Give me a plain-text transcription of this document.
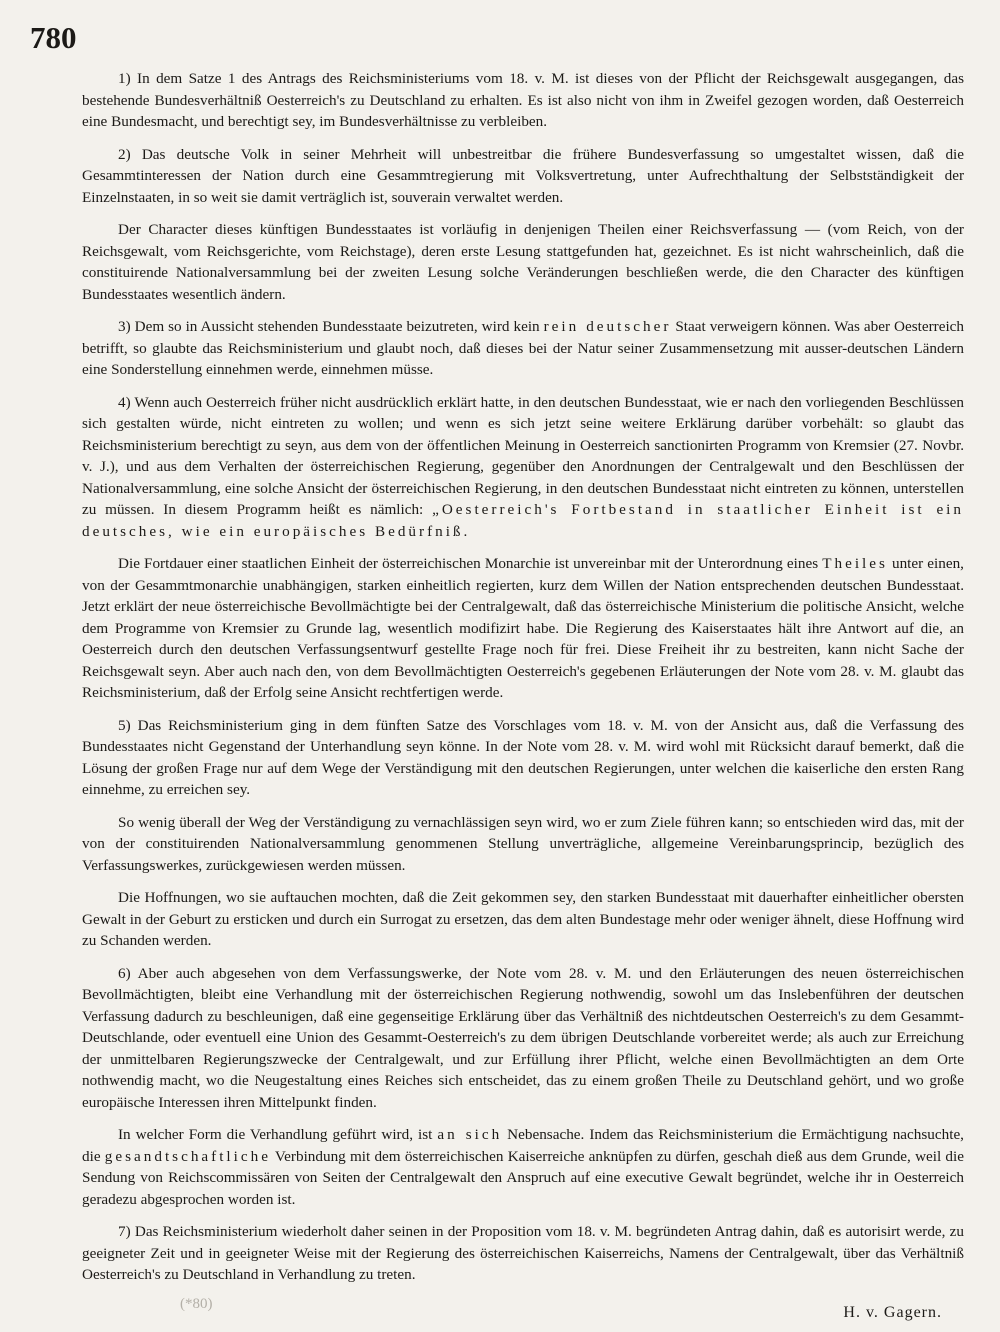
780

1) In dem Satze 1 des Antrags des Reichsministeriums vom 18. v. M. ist dieses von der Pflicht der Reichsgewalt ausgegangen, das bestehende Bundesverhältniß Oesterreich's zu Deutschland zu erhalten. Es ist also nicht von ihm in Zweifel gezogen worden, daß Oesterreich eine Bundesmacht, und berechtigt sey, im Bundesverhältnisse zu verbleiben.

2) Das deutsche Volk in seiner Mehrheit will unbestreitbar die frühere Bundesverfassung so umgestaltet wissen, daß die Gesammtinteressen der Nation durch eine Gesammtregierung mit Volksvertretung, unter Aufrechthaltung der Selbstständigkeit der Einzelnstaaten, in so weit sie damit verträglich ist, souverain verwaltet werden.

Der Character dieses künftigen Bundesstaates ist vorläufig in denjenigen Theilen einer Reichsverfassung — (vom Reich, von der Reichsgewalt, vom Reichsgerichte, vom Reichstage), deren erste Lesung stattgefunden hat, gezeichnet. Es ist nicht wahrscheinlich, daß die constituirende Nationalversammlung bei der zweiten Lesung solche Veränderungen beschließen werde, die den Character des künftigen Bundesstaates wesentlich ändern.

3) Dem so in Aussicht stehenden Bundesstaate beizutreten, wird kein rein deutscher Staat verweigern können. Was aber Oesterreich betrifft, so glaubte das Reichsministerium und glaubt noch, daß dieses bei der Natur seiner Zusammensetzung mit ausser-deutschen Ländern eine Sonderstellung einnehmen werde, einnehmen müsse.

4) Wenn auch Oesterreich früher nicht ausdrücklich erklärt hatte, in den deutschen Bundesstaat, wie er nach den vorliegenden Beschlüssen sich gestalten würde, nicht eintreten zu wollen; und wenn es sich jetzt seine weitere Erklärung darüber vorbehält: so glaubt das Reichsministerium berechtigt zu seyn, aus dem von der öffentlichen Meinung in Oesterreich sanctionirten Programm von Kremsier (27. Novbr. v. J.), und aus dem Verhalten der österreichischen Regierung, gegenüber den Anordnungen der Centralgewalt und den Beschlüssen der Nationalversammlung, eine solche Ansicht der österreichischen Regierung, in den deutschen Bundesstaat nicht eintreten zu können, unterstellen zu müssen. In diesem Programm heißt es nämlich: „Oesterreich's Fortbestand in staatlicher Einheit ist ein deutsches, wie ein europäisches Bedürfniß.

Die Fortdauer einer staatlichen Einheit der österreichischen Monarchie ist unvereinbar mit der Unterordnung eines Theiles unter einen, von der Gesammtmonarchie unabhängigen, starken einheitlich regierten, kurz dem Willen der Nation entsprechenden deutschen Bundesstaat. Jetzt erklärt der neue österreichische Bevollmächtigte bei der Centralgewalt, daß das österreichische Ministerium die politische Ansicht, welche dem Programme von Kremsier zu Grunde lag, wesentlich modifizirt habe. Die Regierung des Kaiserstaates hält ihre Antwort auf die, an Oesterreich durch den deutschen Verfassungsentwurf gestellte Frage noch für frei. Diese Freiheit ihr zu bestreiten, kann nicht Sache der Reichsgewalt seyn. Aber auch nach den, von dem Bevollmächtigten Oesterreich's gegebenen Erläuterungen der Note vom 28. v. M. glaubt das Reichsministerium, daß der Erfolg seine Ansicht rechtfertigen werde.

5) Das Reichsministerium ging in dem fünften Satze des Vorschlages vom 18. v. M. von der Ansicht aus, daß die Verfassung des Bundesstaates nicht Gegenstand der Unterhandlung seyn könne. In der Note vom 28. v. M. wird wohl mit Rücksicht darauf bemerkt, daß die Lösung der großen Frage nur auf dem Wege der Verständigung mit den deutschen Regierungen, unter welchen die kaiserliche den ersten Rang einnehme, zu erreichen sey.

So wenig überall der Weg der Verständigung zu vernachlässigen seyn wird, wo er zum Ziele führen kann; so entschieden wird das, mit der von der constituirenden Nationalversammlung genommenen Stellung unverträgliche, allgemeine Vereinbarungsprincip, bezüglich des Verfassungswerkes, zurückgewiesen werden müssen.

Die Hoffnungen, wo sie auftauchen mochten, daß die Zeit gekommen sey, den starken Bundesstaat mit dauerhafter einheitlicher obersten Gewalt in der Geburt zu ersticken und durch ein Surrogat zu ersetzen, das dem alten Bundestage mehr oder weniger ähnelt, diese Hoffnung wird zu Schanden werden.

6) Aber auch abgesehen von dem Verfassungswerke, der Note vom 28. v. M. und den Erläuterungen des neuen österreichischen Bevollmächtigten, bleibt eine Verhandlung mit der österreichischen Regierung nothwendig, sowohl um das Inslebenführen der deutschen Verfassung dadurch zu beschleunigen, daß eine gegenseitige Erklärung über das Verhältniß des nichtdeutschen Oesterreich's zu dem Gesammt-Deutschlande, oder eventuell eine Union des Gesammt-Oesterreich's zu dem übrigen Deutschlande vorbereitet werde; als auch zur Erreichung der unmittelbaren Regierungszwecke der Centralgewalt, und zur Erfüllung ihrer Pflicht, welche einen Bevollmächtigten an dem Orte nothwendig macht, wo die Neugestaltung eines Reiches sich entscheidet, das zu einem großen Theile zu Deutschland gehört, und wo große europäische Interessen ihren Mittelpunkt finden.

In welcher Form die Verhandlung geführt wird, ist an sich Nebensache. Indem das Reichsministerium die Ermächtigung nachsuchte, die gesandtschaftliche Verbindung mit dem österreichischen Kaiserreiche anknüpfen zu dürfen, geschah dieß aus dem Grunde, weil die Sendung von Reichscommissären von Seiten der Centralgewalt den Anspruch auf eine executive Gewalt begründet, welche ihr in Oesterreich geradezu abgesprochen worden ist.

7) Das Reichsministerium wiederholt daher seinen in der Proposition vom 18. v. M. begründeten Antrag dahin, daß es autorisirt werde, zu geeigneter Zeit und in geeigneter Weise mit der Regierung des österreichischen Kaiserreichs, Namens der Centralgewalt, über das Verhältniß Oesterreich's zu Deutschland in Verhandlung zu treten.

H. v. Gagern.
(*80)
